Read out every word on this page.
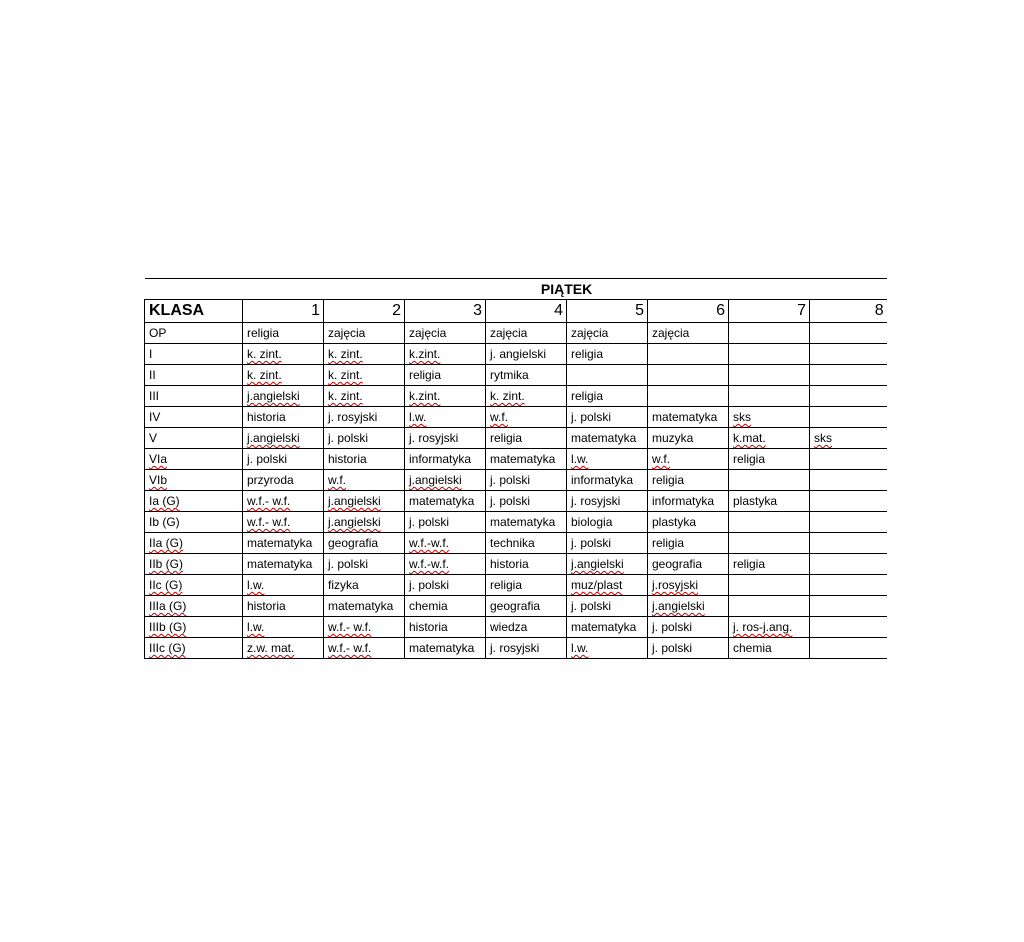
	PIĄTEK							
KLASA	1	2	3	4	5	6	7	8
OP	religia	zajęcia	zajęcia	zajęcia	zajęcia	zajęcia		
I	k. zint.	k. zint.	k.zint.	j. angielski	religia			
II	k. zint.	k. zint.	religia	rytmika				
III	j.angielski	k. zint.	k.zint.	k. zint.	religia			
IV	historia	j. rosyjski	l.w.	w.f.	j. polski	matematyka	sks	
V	j.angielski	j. polski	j. rosyjski	religia	matematyka	muzyka	k.mat.	sks
VIa	j. polski	historia	informatyka	matematyka	l.w.	w.f.	religia	
VIb	przyroda	w.f.	j.angielski	j. polski	informatyka	religia		
Ia (G)	w.f.- w.f.	j.angielski	matematyka	j. polski	j. rosyjski	informatyka	plastyka	
Ib (G)	w.f.- w.f.	j.angielski	j. polski	matematyka	biologia	plastyka		
IIa (G)	matematyka	geografia	w.f.-w.f.	technika	j. polski	religia		
IIb (G)	matematyka	j. polski	w.f.-w.f.	historia	j.angielski	geografia	religia	
IIc (G)	l.w.	fizyka	j. polski	religia	muz/plast	j.rosyjski		
IIIa (G)	historia	matematyka	chemia	geografia	j. polski	j.angielski		
IIIb (G)	l.w.	w.f.- w.f.	historia	wiedza	matematyka	j. polski	j. ros-j.ang.	
IIIc (G)	z.w. mat.	w.f.- w.f.	matematyka	j. rosyjski	l.w.	j. polski	chemia	
